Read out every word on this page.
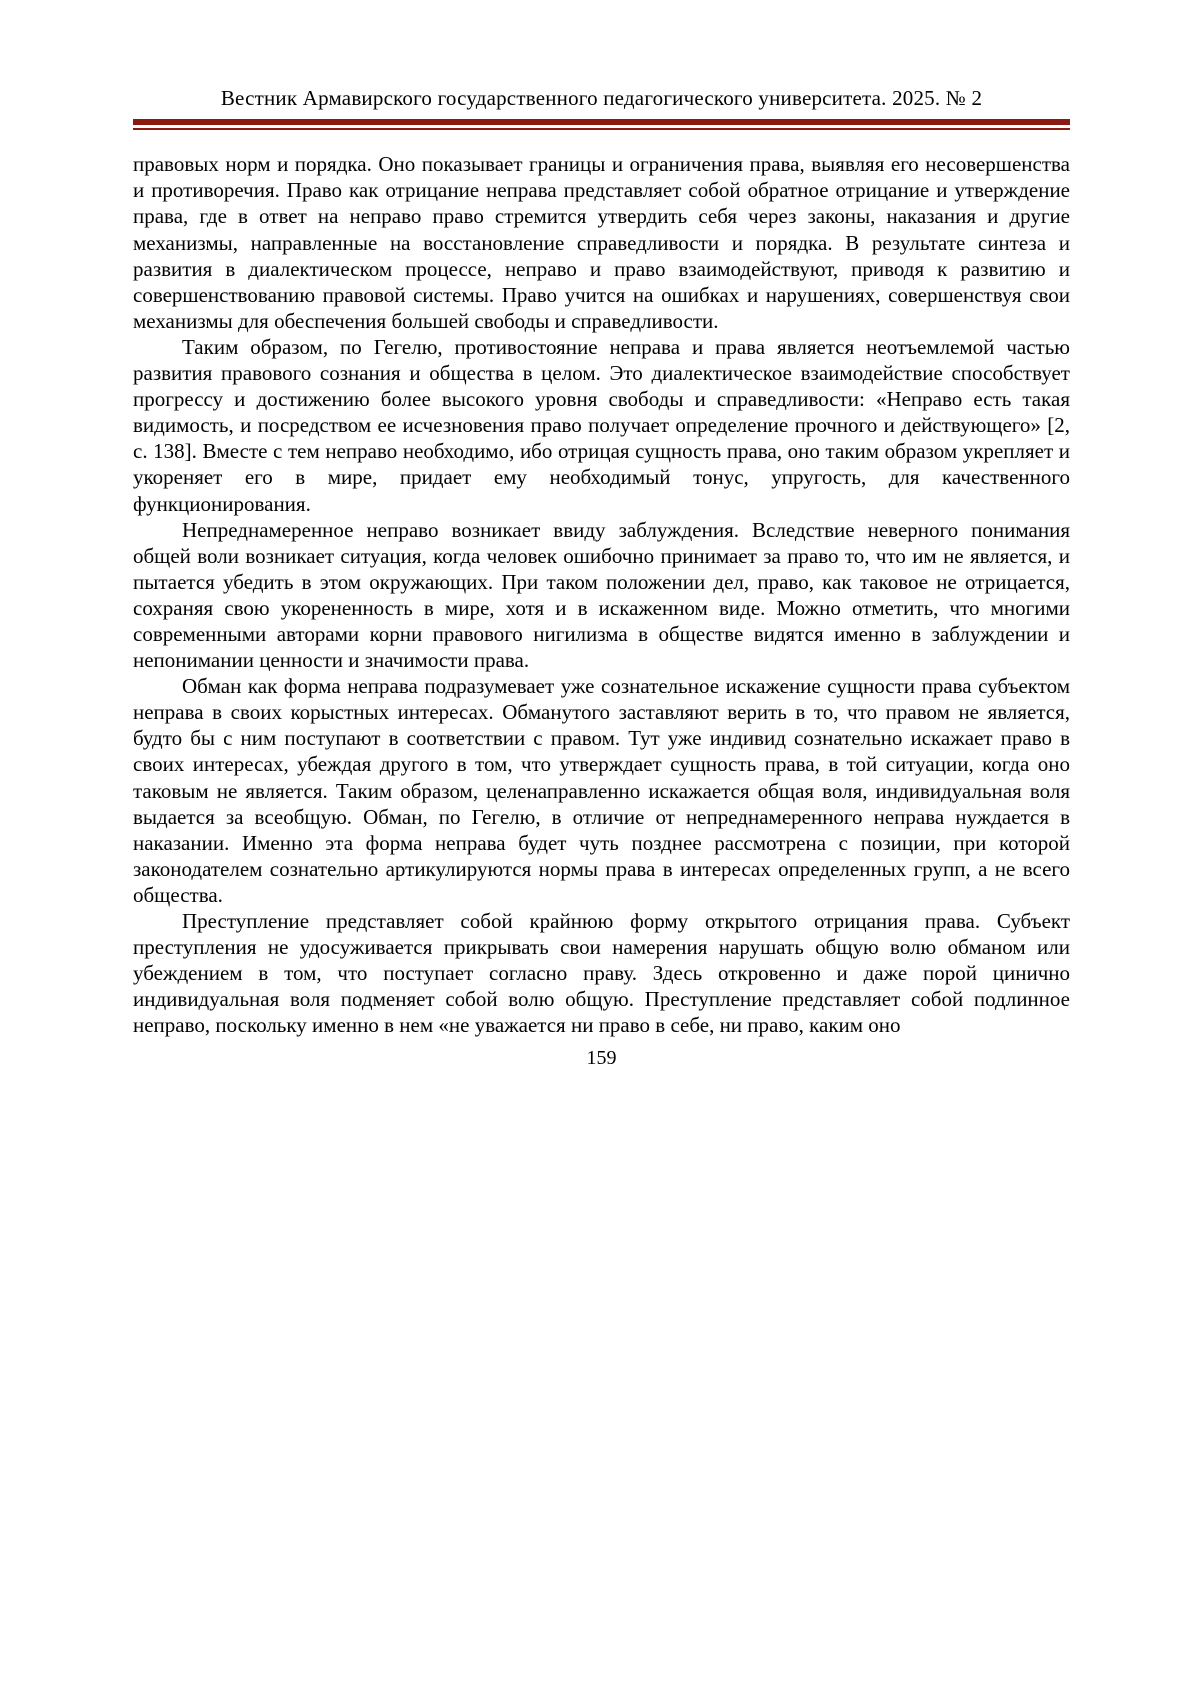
Вестник Армавирского государственного педагогического университета. 2025. № 2

правовых норм и порядка. Оно показывает границы и ограничения права, выявляя его несовершенства и противоречия. Право как отрицание неправа представляет собой обратное отрицание и утверждение права, где в ответ на неправо право стремится утвердить себя через законы, наказания и другие механизмы, направленные на восстановление справедливости и порядка. В результате синтеза и развития в диалектическом процессе, неправо и право взаимодействуют, приводя к развитию и совершенствованию правовой системы. Право учится на ошибках и нарушениях, совершенствуя свои механизмы для обеспечения большей свободы и справедливости.

Таким образом, по Гегелю, противостояние неправа и права является неотъемлемой частью развития правового сознания и общества в целом. Это диалектическое взаимодействие способствует прогрессу и достижению более высокого уровня свободы и справедливости: «Неправо есть такая видимость, и посредством ее исчезновения право получает определение прочного и действующего» [2, с. 138]. Вместе с тем неправо необходимо, ибо отрицая сущность права, оно таким образом укрепляет и укореняет его в мире, придает ему необходимый тонус, упругость, для качественного функционирования.

Непреднамеренное неправо возникает ввиду заблуждения. Вследствие неверного понимания общей воли возникает ситуация, когда человек ошибочно принимает за право то, что им не является, и пытается убедить в этом окружающих. При таком положении дел, право, как таковое не отрицается, сохраняя свою укорененность в мире, хотя и в искаженном виде. Можно отметить, что многими современными авторами корни правового нигилизма в обществе видятся именно в заблуждении и непонимании ценности и значимости права.

Обман как форма неправа подразумевает уже сознательное искажение сущности права субъектом неправа в своих корыстных интересах. Обманутого заставляют верить в то, что правом не является, будто бы с ним поступают в соответствии с правом. Тут уже индивид сознательно искажает право в своих интересах, убеждая другого в том, что утверждает сущность права, в той ситуации, когда оно таковым не является. Таким образом, целенаправленно искажается общая воля, индивидуальная воля выдается за всеобщую. Обман, по Гегелю, в отличие от непреднамеренного неправа нуждается в наказании. Именно эта форма неправа будет чуть позднее рассмотрена с позиции, при которой законодателем сознательно артикулируются нормы права в интересах определенных групп, а не всего общества.

Преступление представляет собой крайнюю форму открытого отрицания права. Субъект преступления не удосуживается прикрывать свои намерения нарушать общую волю обманом или убеждением в том, что поступает согласно праву. Здесь откровенно и даже порой цинично индивидуальная воля подменяет собой волю общую. Преступление представляет собой подлинное неправо, поскольку именно в нем «не уважается ни право в себе, ни право, каким оно

159
